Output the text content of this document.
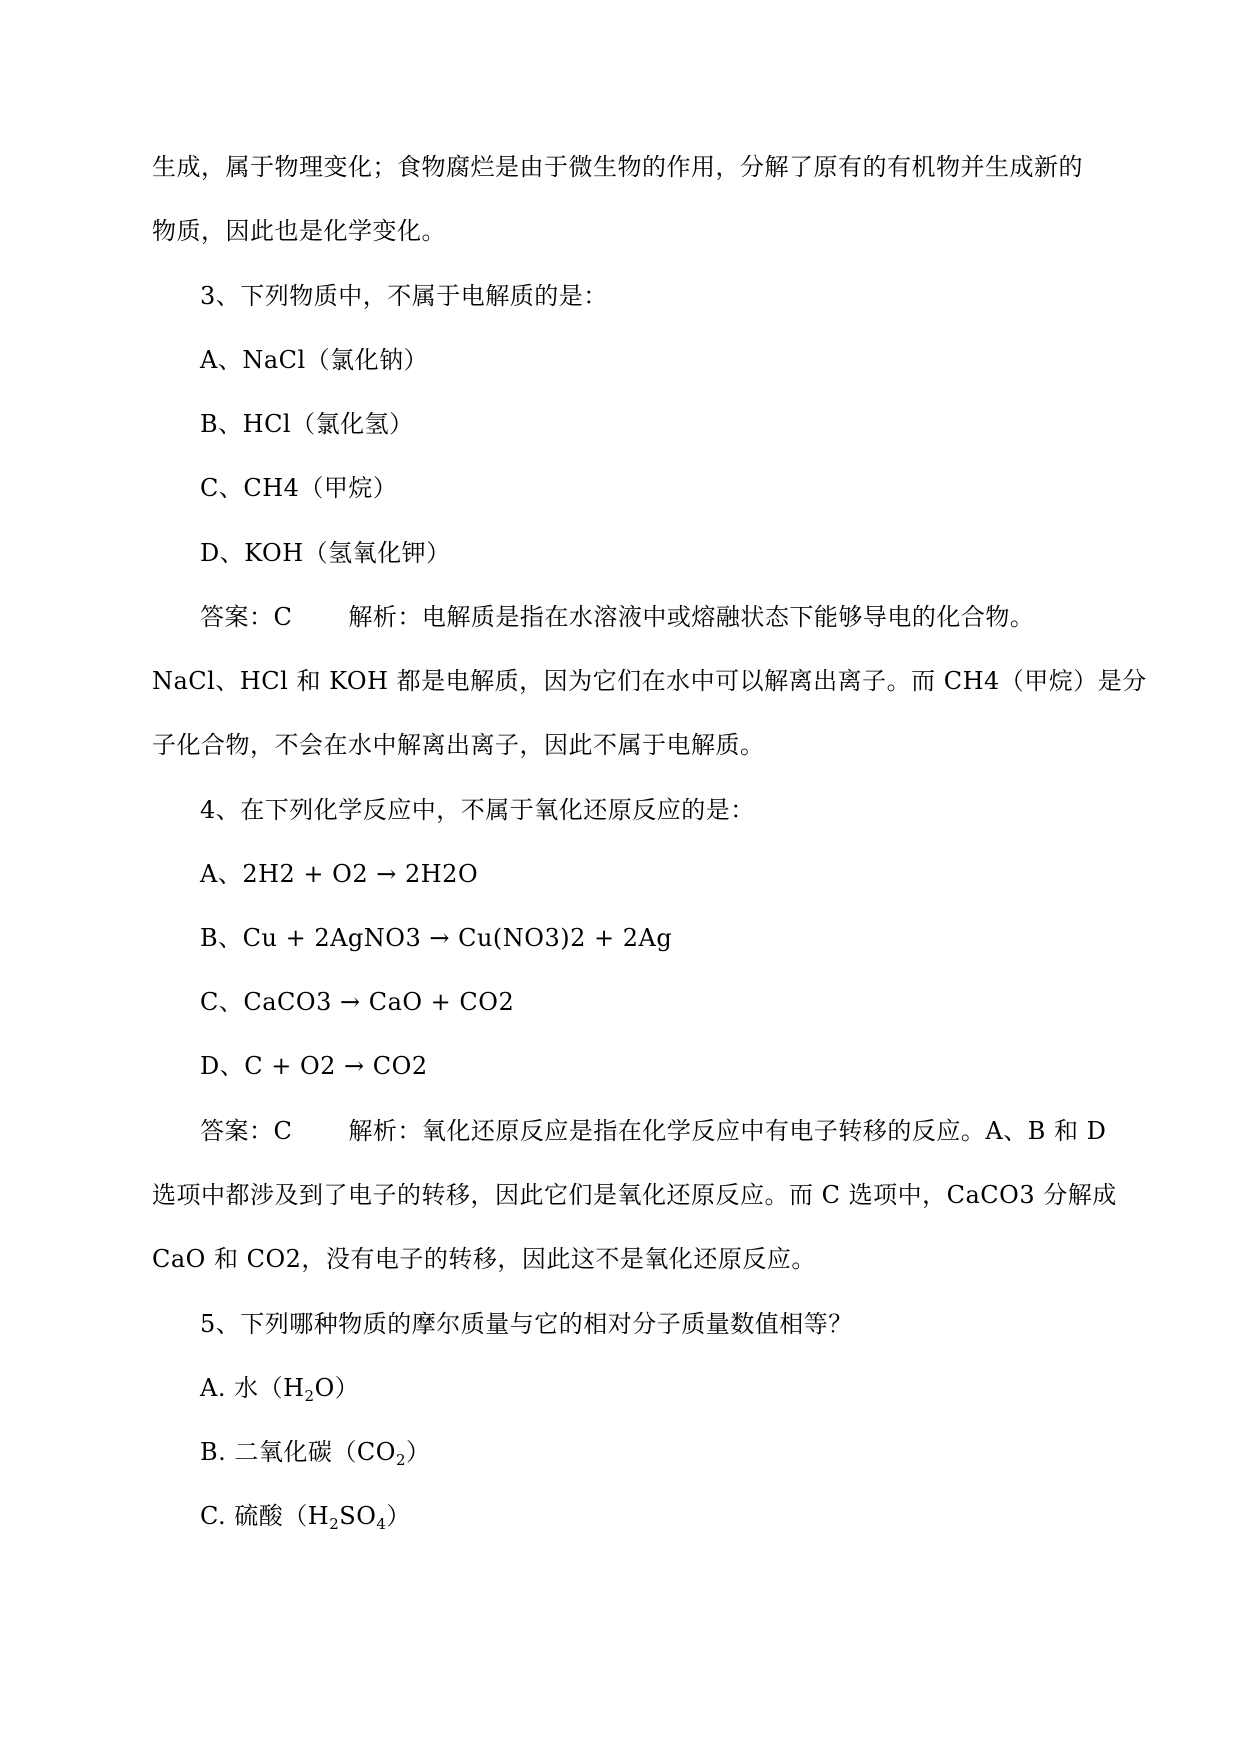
生成，属于物理变化；食物腐烂是由于微生物的作用，分解了原有的有机物并生成新的
物质，因此也是化学变化。
3、下列物质中，不属于电解质的是：
A、NaCl（氯化钠）
B、HCl（氯化氢）
C、CH4（甲烷）
D、KOH（氢氧化钾）
答案：C 解析：电解质是指在水溶液中或熔融状态下能够导电的化合物。
NaCl、HCl 和 KOH 都是电解质，因为它们在水中可以解离出离子。而 CH4（甲烷）是分
子化合物，不会在水中解离出离子，因此不属于电解质。
4、在下列化学反应中，不属于氧化还原反应的是：
A、2H2 + O2 → 2H2O
B、Cu + 2AgNO3 → Cu(NO3)2 + 2Ag
C、CaCO3 → CaO + CO2
D、C + O2 → CO2
答案：C 解析：氧化还原反应是指在化学反应中有电子转移的反应。A、B 和 D
选项中都涉及到了电子的转移，因此它们是氧化还原反应。而 C 选项中，CaCO3 分解成
CaO 和 CO2，没有电子的转移，因此这不是氧化还原反应。
5、下列哪种物质的摩尔质量与它的相对分子质量数值相等？
A. 水$(H_2O)$
B. 二氧化碳$(CO_2)$
C. 硫酸$(H_2SO_4)$
